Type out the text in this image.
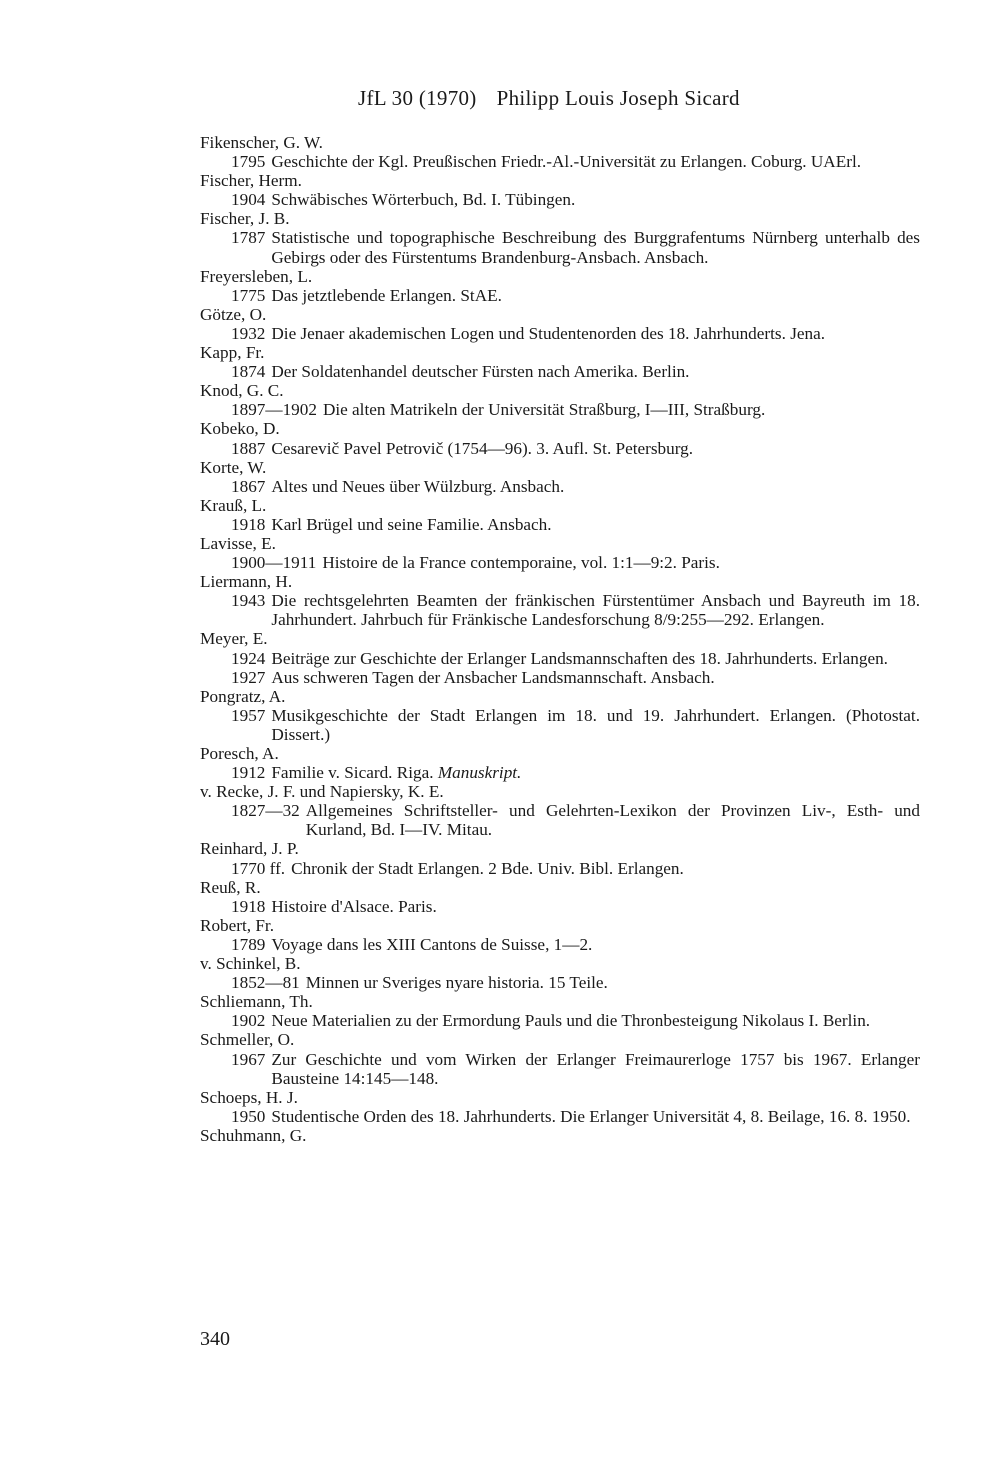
JfL 30 (1970) Philipp Louis Joseph Sicard
Fikenscher, G. W.
1795 Geschichte der Kgl. Preußischen Friedr.-Al.-Universität zu Erlangen. Coburg. UAErl.
Fischer, Herm.
1904 Schwäbisches Wörterbuch, Bd. I. Tübingen.
Fischer, J. B.
1787 Statistische und topographische Beschreibung des Burggrafentums Nürnberg unterhalb des Gebirgs oder des Fürstentums Brandenburg-Ansbach. Ansbach.
Freyersleben, L.
1775 Das jetztlebende Erlangen. StAE.
Götze, O.
1932 Die Jenaer akademischen Logen und Studentenorden des 18. Jahrhunderts. Jena.
Kapp, Fr.
1874 Der Soldatenhandel deutscher Fürsten nach Amerika. Berlin.
Knod, G. C.
1897—1902 Die alten Matrikeln der Universität Straßburg, I—III, Straßburg.
Kobeko, D.
1887 Cesarevič Pavel Petrovič (1754—96). 3. Aufl. St. Petersburg.
Korte, W.
1867 Altes und Neues über Wülzburg. Ansbach.
Krauß, L.
1918 Karl Brügel und seine Familie. Ansbach.
Lavisse, E.
1900—1911 Histoire de la France contemporaine, vol. 1:1—9:2. Paris.
Liermann, H.
1943 Die rechtsgelehrten Beamten der fränkischen Fürstentümer Ansbach und Bayreuth im 18. Jahrhundert. Jahrbuch für Fränkische Landesforschung 8/9:255—292. Erlangen.
Meyer, E.
1924 Beiträge zur Geschichte der Erlanger Landsmannschaften des 18. Jahrhunderts. Erlangen.
1927 Aus schweren Tagen der Ansbacher Landsmannschaft. Ansbach.
Pongratz, A.
1957 Musikgeschichte der Stadt Erlangen im 18. und 19. Jahrhundert. Erlangen. (Photostat. Dissert.)
Poresch, A.
1912 Familie v. Sicard. Riga. Manuskript.
v. Recke, J. F. und Napiersky, K. E.
1827—32 Allgemeines Schriftsteller- und Gelehrten-Lexikon der Provinzen Liv-, Esth- und Kurland, Bd. I—IV. Mitau.
Reinhard, J. P.
1770 ff. Chronik der Stadt Erlangen. 2 Bde. Univ. Bibl. Erlangen.
Reuß, R.
1918 Histoire d'Alsace. Paris.
Robert, Fr.
1789 Voyage dans les XIII Cantons de Suisse, 1—2.
v. Schinkel, B.
1852—81 Minnen ur Sveriges nyare historia. 15 Teile.
Schliemann, Th.
1902 Neue Materialien zu der Ermordung Pauls und die Thronbesteigung Nikolaus I. Berlin.
Schmeller, O.
1967 Zur Geschichte und vom Wirken der Erlanger Freimaurerloge 1757 bis 1967. Erlanger Bausteine 14:145—148.
Schoeps, H. J.
1950 Studentische Orden des 18. Jahrhunderts. Die Erlanger Universität 4, 8. Beilage, 16. 8. 1950.
Schuhmann, G.
340
